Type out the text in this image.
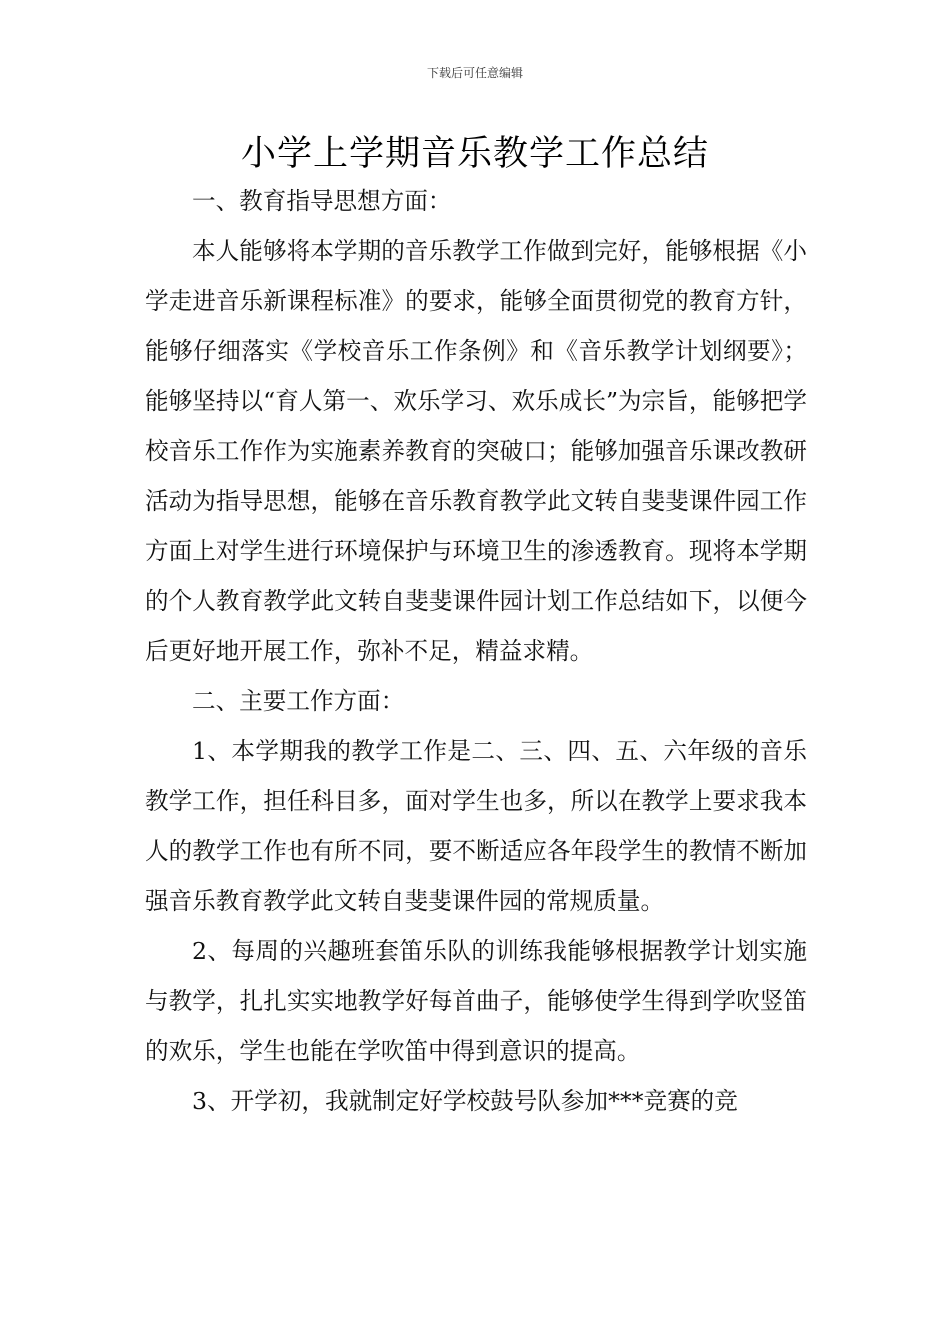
下载后可任意编辑
小学上学期音乐教学工作总结

一、教育指导思想方面：

本人能够将本学期的音乐教学工作做到完好，能够根据《小学走进音乐新课程标准》的要求，能够全面贯彻党的教育方针，能够仔细落实《学校音乐工作条例》和《音乐教学计划纲要》；能够坚持以“育人第一、欢乐学习、欢乐成长”为宗旨，能够把学校音乐工作作为实施素养教育的突破口；能够加强音乐课改教研活动为指导思想，能够在音乐教育教学此文转自斐斐课件园工作方面上对学生进行环境保护与环境卫生的渗透教育。现将本学期的个人教育教学此文转自斐斐课件园计划工作总结如下，以便今后更好地开展工作，弥补不足，精益求精。

二、主要工作方面：

1、本学期我的教学工作是二、三、四、五、六年级的音乐教学工作，担任科目多，面对学生也多，所以在教学上要求我本人的教学工作也有所不同，要不断适应各年段学生的教情不断加强音乐教育教学此文转自斐斐课件园的常规质量。

2、每周的兴趣班套笛乐队的训练我能够根据教学计划实施与教学，扎扎实实地教学好每首曲子，能够使学生得到学吹竖笛的欢乐，学生也能在学吹笛中得到意识的提高。

3、开学初，我就制定好学校鼓号队参加***竞赛的竞
